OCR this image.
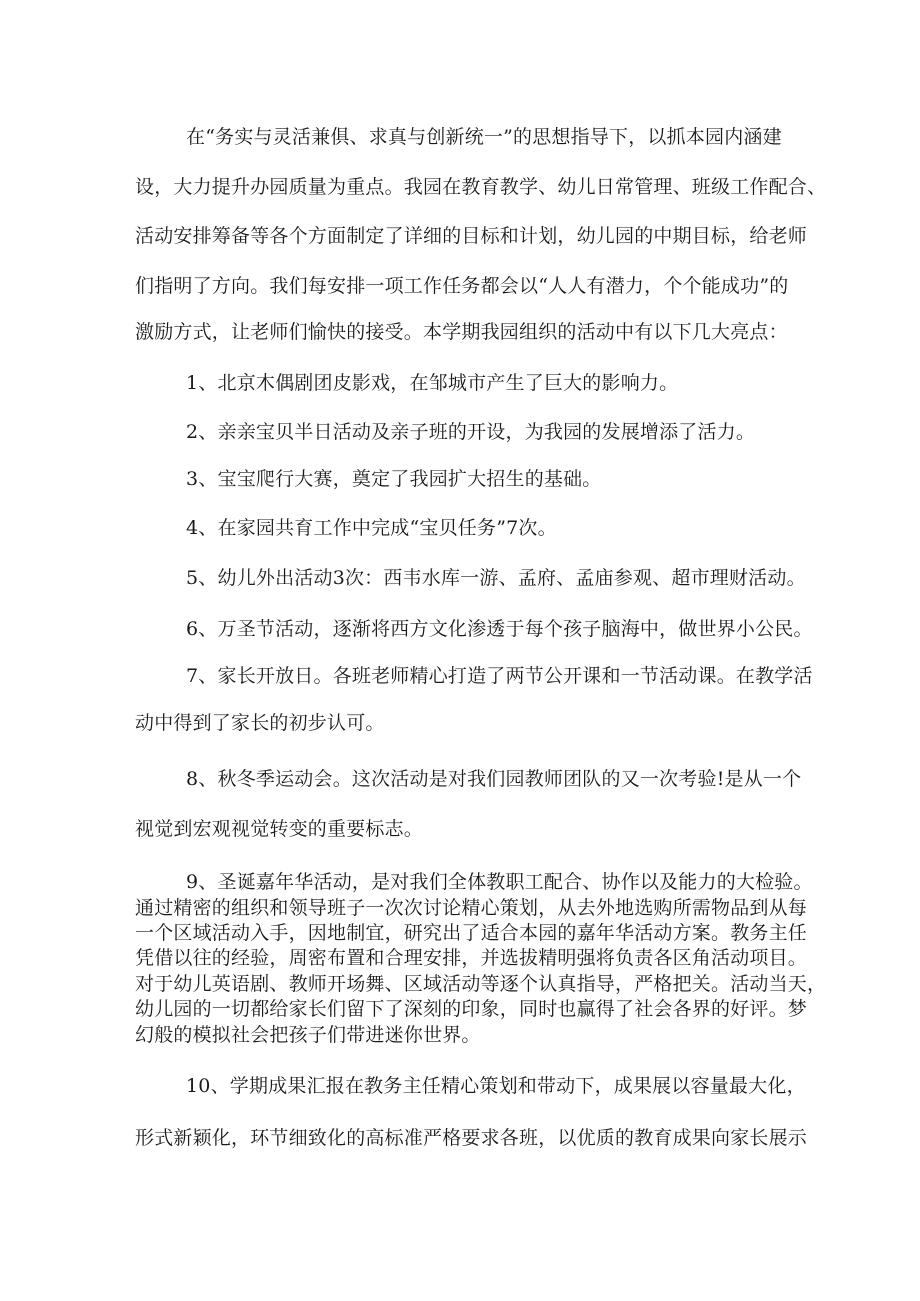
在“务实与灵活兼俱、求真与创新统一”的思想指导下，以抓本园内涵建
设，大力提升办园质量为重点。我园在教育教学、幼儿日常管理、班级工作配合、
活动安排筹备等各个方面制定了详细的目标和计划，幼儿园的中期目标，给老师
们指明了方向。我们每安排一项工作任务都会以“人人有潜力，个个能成功”的
激励方式，让老师们愉快的接受。本学期我园组织的活动中有以下几大亮点：
1、北京木偶剧团皮影戏，在邹城市产生了巨大的影响力。
2、亲亲宝贝半日活动及亲子班的开设，为我园的发展增添了活力。
3、宝宝爬行大赛，奠定了我园扩大招生的基础。
4、在家园共育工作中完成“宝贝任务”7次。
5、幼儿外出活动3次：西韦水库一游、孟府、孟庙参观、超市理财活动。
6、万圣节活动，逐渐将西方文化渗透于每个孩子脑海中，做世界小公民。
7、家长开放日。各班老师精心打造了两节公开课和一节活动课。在教学活
动中得到了家长的初步认可。
8、秋冬季运动会。这次活动是对我们园教师团队的又一次考验!是从一个
视觉到宏观视觉转变的重要标志。
9、圣诞嘉年华活动，是对我们全体教职工配合、协作以及能力的大检验。
通过精密的组织和领导班子一次次讨论精心策划，从去外地选购所需物品到从每
一个区域活动入手，因地制宜，研究出了适合本园的嘉年华活动方案。教务主任
凭借以往的经验，周密布置和合理安排，并选拔精明强将负责各区角活动项目。
对于幼儿英语剧、教师开场舞、区域活动等逐个认真指导，严格把关。活动当天，
幼儿园的一切都给家长们留下了深刻的印象，同时也赢得了社会各界的好评。梦
幻般的模拟社会把孩子们带进迷你世界。
10、学期成果汇报在教务主任精心策划和带动下，成果展以容量最大化，
形式新颖化，环节细致化的高标准严格要求各班，以优质的教育成果向家长展示
